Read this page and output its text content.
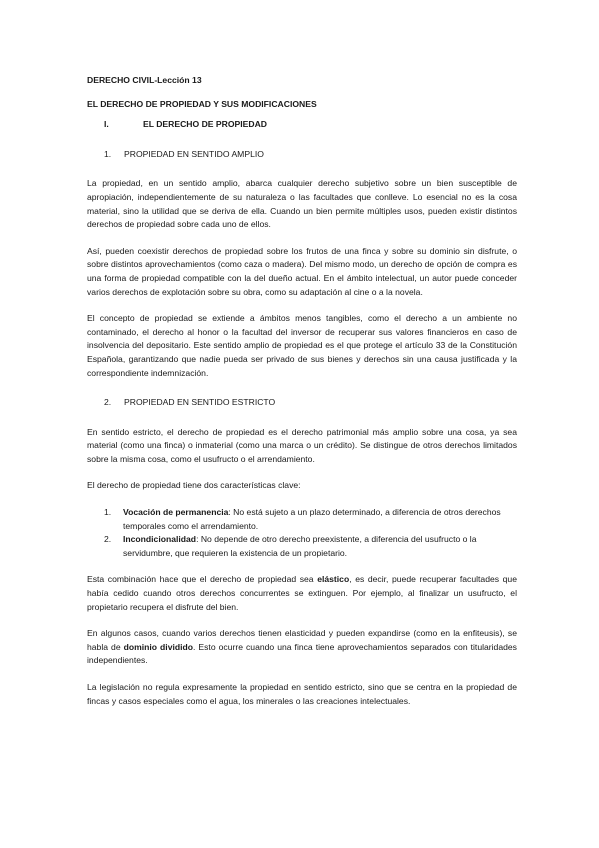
DERECHO CIVIL-Lección 13
EL DERECHO DE PROPIEDAD Y SUS MODIFICACIONES
I.	EL DERECHO DE PROPIEDAD
1. PROPIEDAD EN SENTIDO AMPLIO
La propiedad, en un sentido amplio, abarca cualquier derecho subjetivo sobre un bien susceptible de apropiación, independientemente de su naturaleza o las facultades que conlleve. Lo esencial no es la cosa material, sino la utilidad que se deriva de ella. Cuando un bien permite múltiples usos, pueden existir distintos derechos de propiedad sobre cada uno de ellos.
Así, pueden coexistir derechos de propiedad sobre los frutos de una finca y sobre su dominio sin disfrute, o sobre distintos aprovechamientos (como caza o madera). Del mismo modo, un derecho de opción de compra es una forma de propiedad compatible con la del dueño actual. En el ámbito intelectual, un autor puede conceder varios derechos de explotación sobre su obra, como su adaptación al cine o a la novela.
El concepto de propiedad se extiende a ámbitos menos tangibles, como el derecho a un ambiente no contaminado, el derecho al honor o la facultad del inversor de recuperar sus valores financieros en caso de insolvencia del depositario. Este sentido amplio de propiedad es el que protege el artículo 33 de la Constitución Española, garantizando que nadie pueda ser privado de sus bienes y derechos sin una causa justificada y la correspondiente indemnización.
2. PROPIEDAD EN SENTIDO ESTRICTO
En sentido estricto, el derecho de propiedad es el derecho patrimonial más amplio sobre una cosa, ya sea material (como una finca) o inmaterial (como una marca o un crédito). Se distingue de otros derechos limitados sobre la misma cosa, como el usufructo o el arrendamiento.
El derecho de propiedad tiene dos características clave:
1. Vocación de permanencia: No está sujeto a un plazo determinado, a diferencia de otros derechos temporales como el arrendamiento.
2. Incondicionalidad: No depende de otro derecho preexistente, a diferencia del usufructo o la servidumbre, que requieren la existencia de un propietario.
Esta combinación hace que el derecho de propiedad sea elástico, es decir, puede recuperar facultades que había cedido cuando otros derechos concurrentes se extinguen. Por ejemplo, al finalizar un usufructo, el propietario recupera el disfrute del bien.
En algunos casos, cuando varios derechos tienen elasticidad y pueden expandirse (como en la enfiteusis), se habla de dominio dividido. Esto ocurre cuando una finca tiene aprovechamientos separados con titularidades independientes.
La legislación no regula expresamente la propiedad en sentido estricto, sino que se centra en la propiedad de fincas y casos especiales como el agua, los minerales o las creaciones intelectuales.
